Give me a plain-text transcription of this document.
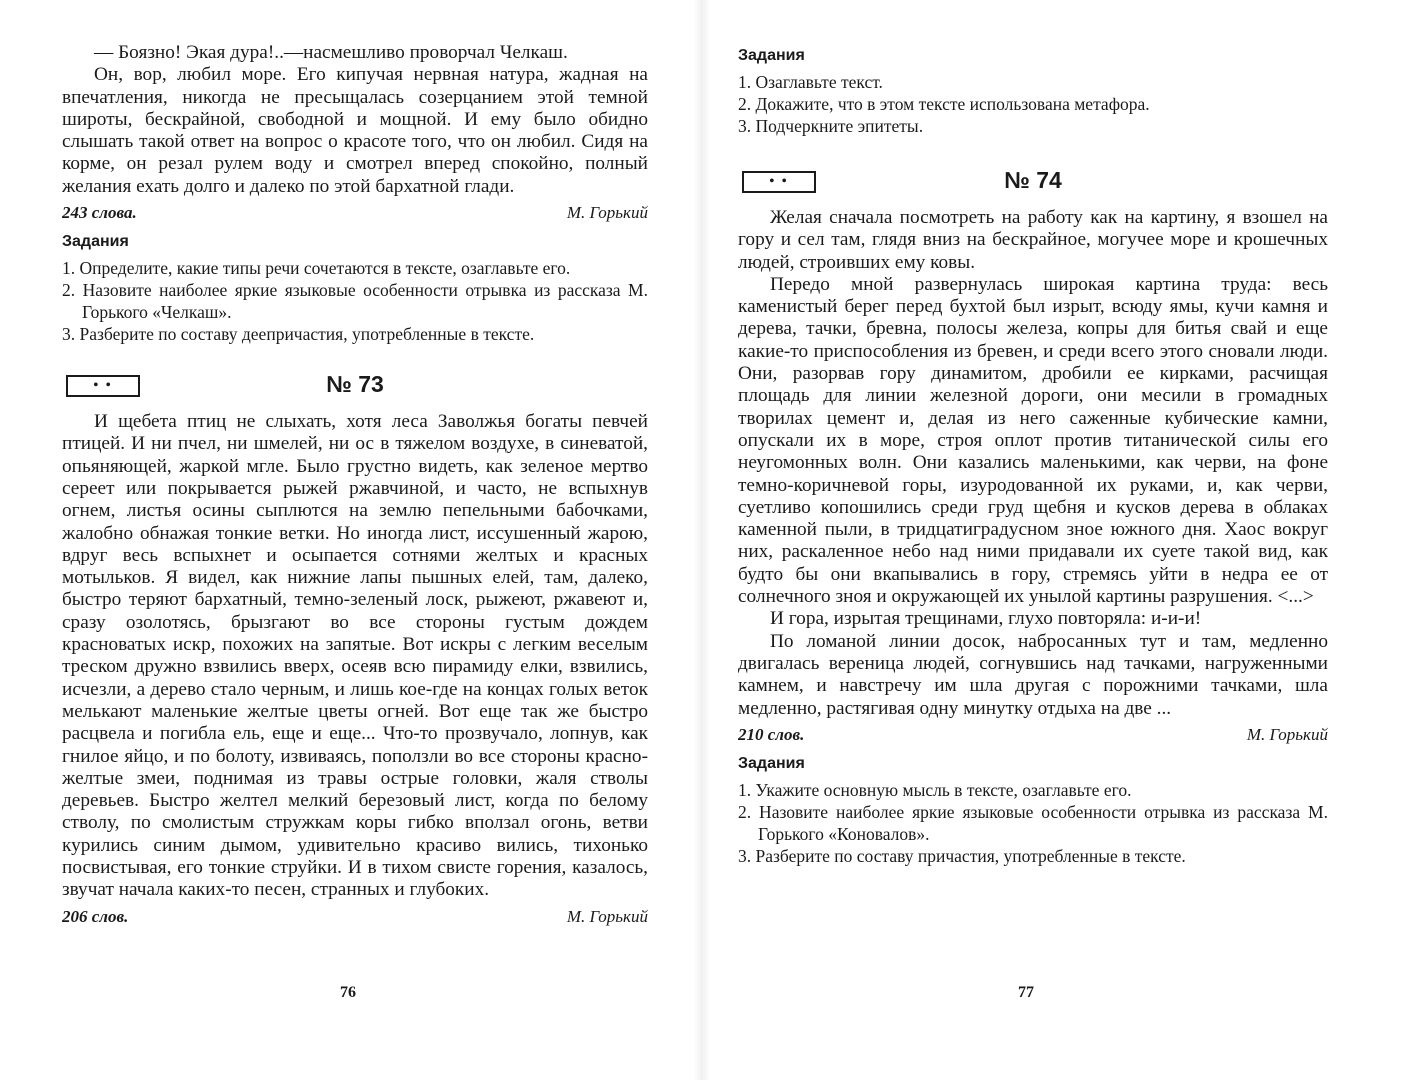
— Боязно! Экая дура!..—насмешливо проворчал Челкаш.

Он, вор, любил море. Его кипучая нервная натура, жадная на впечатления, никогда не пресыщалась созерцанием этой темной широты, бескрайной, свободной и мощной. И ему было обидно слышать такой ответ на вопрос о красоте того, что он любил. Сидя на корме, он резал рулем воду и смотрел вперед спокойно, полный желания ехать долго и далеко по этой бархатной глади.

243 слова.	М. Горький
Задания
1. Определите, какие типы речи сочетаются в тексте, озаглавьте его.
2. Назовите наиболее яркие языковые особенности отрывка из рассказа М. Горького «Челкаш».
3. Разберите по составу деепричастия, употребленные в тексте.
• •	№ 73

И щебета птиц не слыхать, хотя леса Заволжья богаты певчей птицей. И ни пчел, ни шмелей, ни ос в тяжелом воздухе, в синеватой, опьяняющей, жаркой мгле. Было грустно видеть, как зеленое мертво сереет или покрывается рыжей ржавчиной, и часто, не вспыхнув огнем, листья осины сыплются на землю пепельными бабочками, жалобно обнажая тонкие ветки. Но иногда лист, иссушенный жарою, вдруг весь вспыхнет и осыпается сотнями желтых и красных мотыльков. Я видел, как нижние лапы пышных елей, там, далеко, быстро теряют бархатный, темно-зеленый лоск, рыжеют, ржавеют и, сразу озолотясь, брызгают во все стороны густым дождем красноватых искр, похожих на запятые. Вот искры с легким веселым треском дружно взвились вверх, осеяв всю пирамиду елки, взвились, исчезли, а дерево стало черным, и лишь кое-где на концах голых веток мелькают маленькие желтые цветы огней. Вот еще так же быстро расцвела и погибла ель, еще и еще... Что-то прозвучало, лопнув, как гнилое яйцо, и по болоту, извиваясь, поползли во все стороны красно-желтые змеи, поднимая из травы острые головки, жаля стволы деревьев. Быстро желтел мелкий березовый лист, когда по белому стволу, по смолистым стружкам коры гибко вползал огонь, ветви курились синим дымом, удивительно красиво вились, тихонько посвистывая, его тонкие струйки. И в тихом свисте горения, казалось, звучат начала каких-то песен, странных и глубоких.

206 слов.	М. Горький
76
Задания
1. Озаглавьте текст.
2. Докажите, что в этом тексте использована метафора.
3. Подчеркните эпитеты.
• •	№ 74

Желая сначала посмотреть на работу как на картину, я взошел на гору и сел там, глядя вниз на бескрайное, могучее море и крошечных людей, строивших ему ковы.

Передо мной развернулась широкая картина труда: весь каменистый берег перед бухтой был изрыт, всюду ямы, кучи камня и дерева, тачки, бревна, полосы железа, копры для битья свай и еще какие-то приспособления из бревен, и среди всего этого сновали люди. Они, разорвав гору динамитом, дробили ее кирками, расчищая площадь для линии железной дороги, они месили в громадных творилах цемент и, делая из него саженные кубические камни, опускали их в море, строя оплот против титанической силы его неугомонных волн. Они казались маленькими, как черви, на фоне темно-коричневой горы, изуродованной их руками, и, как черви, суетливо копошились среди груд щебня и кусков дерева в облаках каменной пыли, в тридцатиградусном зное южного дня. Хаос вокруг них, раскаленное небо над ними придавали их суете такой вид, как будто бы они вкапывались в гору, стремясь уйти в недра ее от солнечного зноя и окружающей их унылой картины разрушения. <...>

И гора, изрытая трещинами, глухо повторяла: и-и-и!

По ломаной линии досок, набросанных тут и там, медленно двигалась вереница людей, согнувшись над тачками, нагруженными камнем, и навстречу им шла другая с порожними тачками, шла медленно, растягивая одну минутку отдыха на две ...

210 слов.	М. Горький
Задания
1. Укажите основную мысль в тексте, озаглавьте его.
2. Назовите наиболее яркие языковые особенности отрывка из рассказа М. Горького «Коновалов».
3. Разберите по составу причастия, употребленные в тексте.
77
